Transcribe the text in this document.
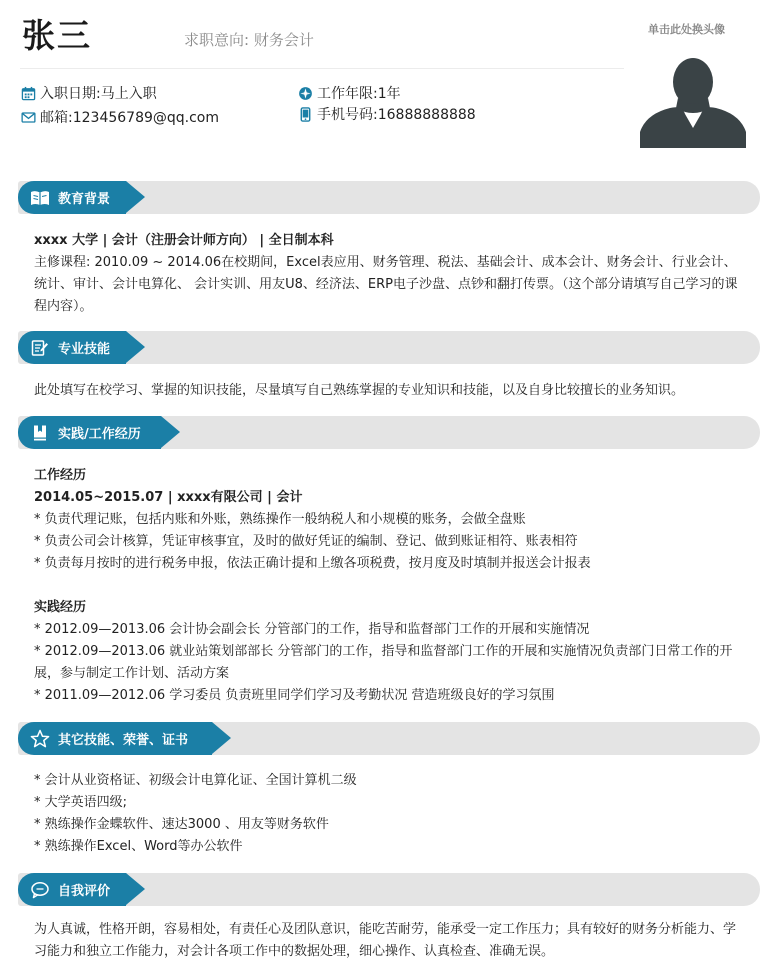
张三	求职意向: 财务会计
入职日期:马上入职	工作年限:1年
邮箱:123456789@qq.com	手机号码:16888888888
单击此处换头像
教育背景
xxxx 大学 | 会计（注册会计师方向） | 全日制本科
主修课程: 2010.09 ~ 2014.06在校期间，Excel表应用、财务管理、税法、基础会计、成本会计、财务会计、行业会计、统计、审计、会计电算化、 会计实训、用友U8、经济法、ERP电子沙盘、点钞和翻打传票。（这个部分请填写自己学习的课程内容）。
专业技能
此处填写在校学习、掌握的知识技能，尽量填写自己熟练掌握的专业知识和技能，以及自身比较擅长的业务知识。
实践/工作经历
工作经历
2014.05~2015.07 | xxxx有限公司 | 会计
* 负责代理记账，包括内账和外账，熟练操作一般纳税人和小规模的账务，会做全盘账
* 负责公司会计核算，凭证审核事宜，及时的做好凭证的编制、登记、做到账证相符、账表相符
* 负责每月按时的进行税务申报，依法正确计提和上缴各项税费，按月度及时填制并报送会计报表
实践经历
* 2012.09—2013.06 会计协会副会长 分管部门的工作，指导和监督部门工作的开展和实施情况
* 2012.09—2013.06 就业站策划部部长 分管部门的工作，指导和监督部门工作的开展和实施情况负责部门日常工作的开展，参与制定工作计划、活动方案
* 2011.09—2012.06 学习委员 负责班里同学们学习及考勤状况 营造班级良好的学习氛围
其它技能、荣誉、证书
* 会计从业资格证、初级会计电算化证、全国计算机二级
* 大学英语四级;
* 熟练操作金蝶软件、速达3000 、用友等财务软件
* 熟练操作Excel、Word等办公软件
自我评价
为人真诚，性格开朗，容易相处，有责任心及团队意识，能吃苦耐劳，能承受一定工作压力；具有较好的财务分析能力、学习能力和独立工作能力，对会计各项工作中的数据处理，细心操作、认真检查、准确无误。
